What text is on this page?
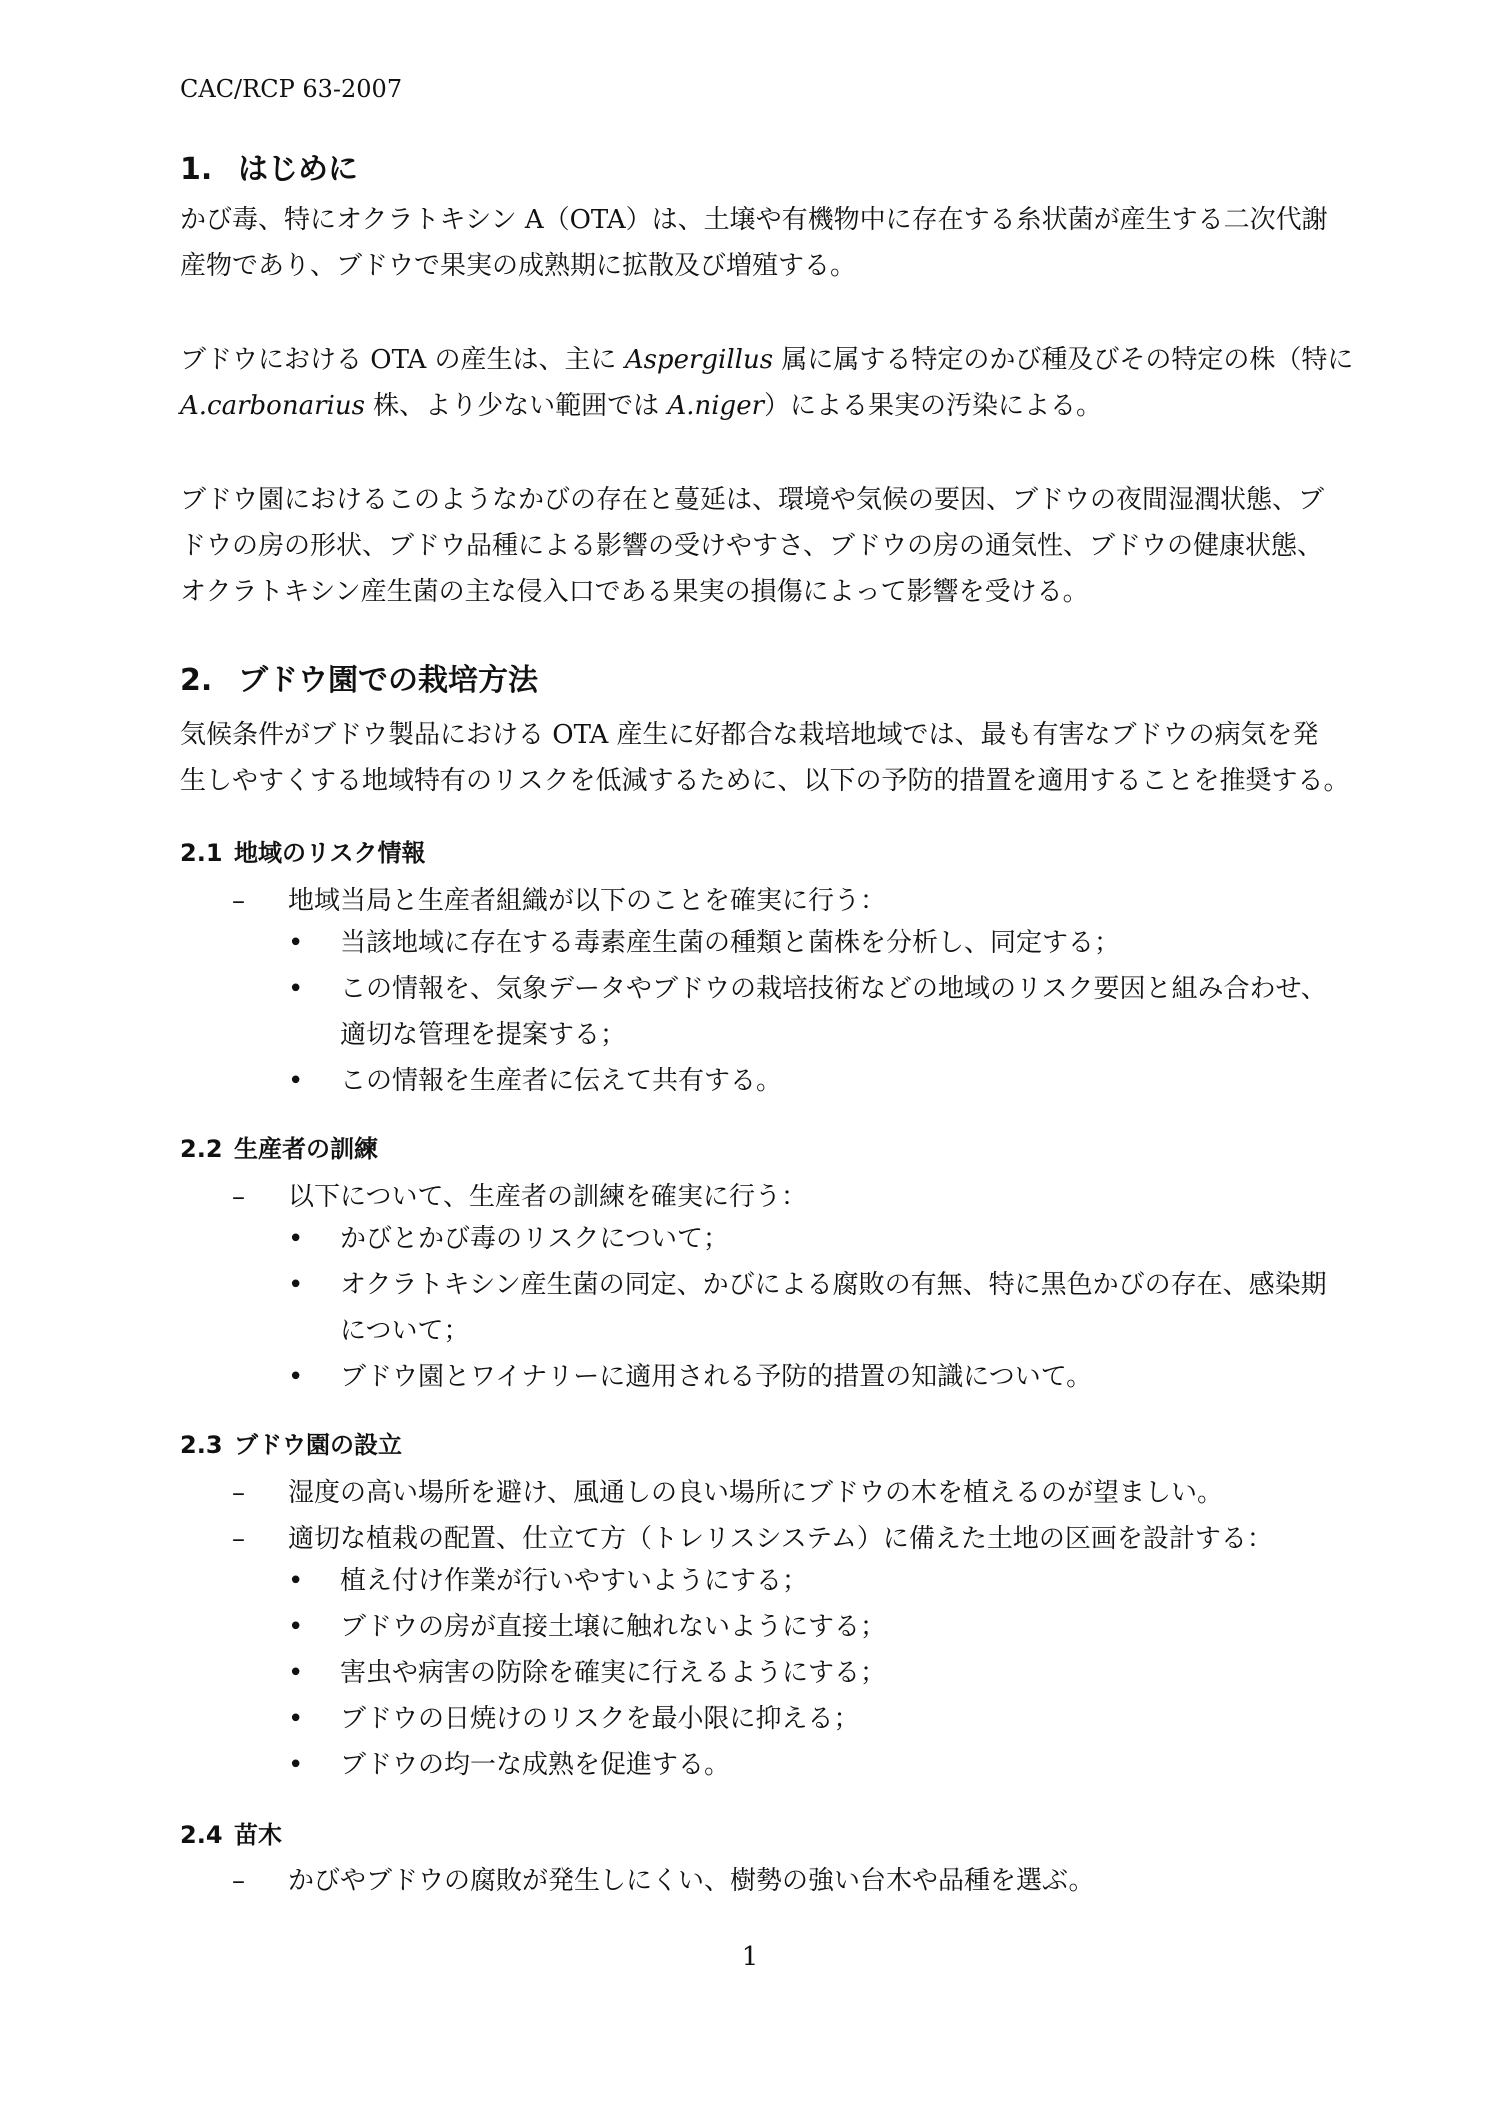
CAC/RCP 63-2007
1. はじめに
かび毒、特にオクラトキシン A（OTA）は、土壌や有機物中に存在する糸状菌が産生する二次代謝
産物であり、ブドウで果実の成熟期に拡散及び増殖する。
ブドウにおける OTA の産生は、主に Aspergillus 属に属する特定のかび種及びその特定の株（特に
A.carbonarius 株、より少ない範囲では A.niger）による果実の汚染による。
ブドウ園におけるこのようなかびの存在と蔓延は、環境や気候の要因、ブドウの夜間湿潤状態、ブ
ドウの房の形状、ブドウ品種による影響の受けやすさ、ブドウの房の通気性、ブドウの健康状態、
オクラトキシン産生菌の主な侵入口である果実の損傷によって影響を受ける。
2. ブドウ園での栽培方法
気候条件がブドウ製品における OTA 産生に好都合な栽培地域では、最も有害なブドウの病気を発
生しやすくする地域特有のリスクを低減するために、以下の予防的措置を適用することを推奨する。
2.1 地域のリスク情報
– 地域当局と生産者組織が以下のことを確実に行う：
• 当該地域に存在する毒素産生菌の種類と菌株を分析し、同定する；
• この情報を、気象データやブドウの栽培技術などの地域のリスク要因と組み合わせ、
適切な管理を提案する；
• この情報を生産者に伝えて共有する。
2.2 生産者の訓練
– 以下について、生産者の訓練を確実に行う：
• かびとかび毒のリスクについて；
• オクラトキシン産生菌の同定、かびによる腐敗の有無、特に黒色かびの存在、感染期
について；
• ブドウ園とワイナリーに適用される予防的措置の知識について。
2.3 ブドウ園の設立
– 湿度の高い場所を避け、風通しの良い場所にブドウの木を植えるのが望ましい。
– 適切な植栽の配置、仕立て方（トレリスシステム）に備えた土地の区画を設計する：
• 植え付け作業が行いやすいようにする；
• ブドウの房が直接土壌に触れないようにする；
• 害虫や病害の防除を確実に行えるようにする；
• ブドウの日焼けのリスクを最小限に抑える；
• ブドウの均一な成熟を促進する。
2.4 苗木
– かびやブドウの腐敗が発生しにくい、樹勢の強い台木や品種を選ぶ。
1
